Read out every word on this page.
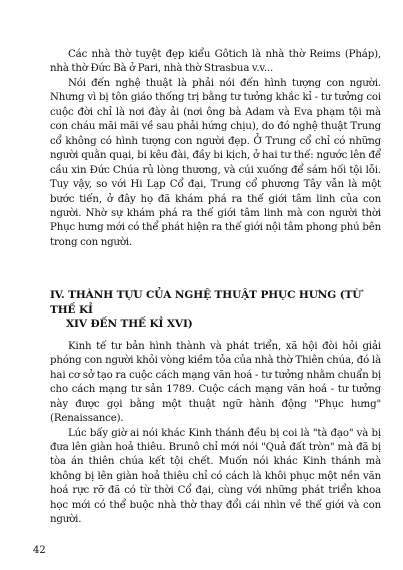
Các nhà thờ tuyệt đẹp kiểu Gôtich là nhà thờ Reims (Pháp), nhà thờ Đức Bà ở Pari, nhà thờ Strasbua v.v...

Nói đến nghệ thuật là phải nói đến hình tượng con người. Nhưng vì bị tôn giáo thống trị bằng tư tưởng khắc kỉ - tư tưởng coi cuộc đời chỉ là nơi đày ải (nơi ông bà Adam và Eva phạm tội mà con cháu mãi mãi về sau phải hứng chịu), do đó nghệ thuật Trung cổ không có hình tượng con người đẹp. Ở Trung cổ chỉ có những người quằn quại, bi kêu đài, đầy bi kịch, ở hai tư thế: ngước lên để cầu xin Đức Chúa rủ lòng thương, và cúi xuống để sám hối tội lỗi. Tuy vậy, so với Hi Lạp Cổ đại, Trung cổ phương Tây vẫn là một bước tiến, ở đây họ đã khám phá ra thế giới tâm linh của con người. Nhờ sự khám phá ra thế giới tâm linh mà con người thời Phục hưng mới có thể phát hiện ra thế giới nội tâm phong phú bên trong con người.

IV. THÀNH TỰU CỦA NGHỆ THUẬT PHỤC HƯNG (TỪ THẾ KỈ
XIV ĐẾN THẾ KỈ XVI)

Kinh tế tư bản hình thành và phát triển, xã hội đòi hỏi giải phóng con người khỏi vòng kiềm tỏa của nhà thờ Thiên chúa, đó là hai cơ sở tạo ra cuộc cách mạng văn hoá - tư tưởng nhằm chuẩn bị cho cách mạng tư sản 1789. Cuộc cách mạng văn hoá - tư tưởng này được gọi bằng một thuật ngữ hành động "Phục hưng" (Renaissance).

Lúc bấy giờ ai nói khác Kinh thánh đều bị coi là "tà đạo" và bị đưa lên giàn hoả thiêu. Brunô chỉ mới nói "Quả đất tròn" mà đã bị tòa án thiên chúa kết tội chết. Muốn nói khác Kinh thánh mà không bị lên giàn hoả thiêu chỉ có cách là khôi phục một nền văn hoá rực rỡ đã có từ thời Cổ đại, cùng với những phát triển khoa học mới có thể buộc nhà thờ thay đổi cái nhìn về thế giới và con người.

42
